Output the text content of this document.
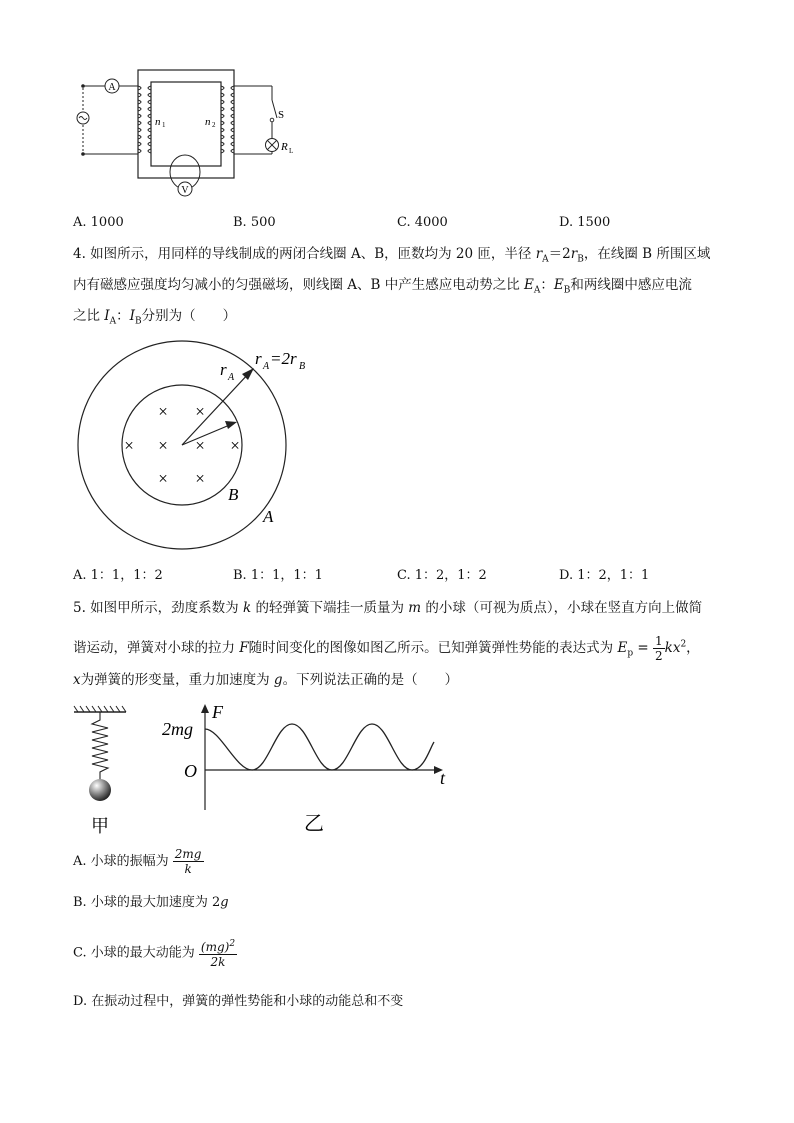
A
n 1	n 2
S
R L
V
A. 1000	B. 500	C. 4000	D. 1500
4. 如图所示，用同样的导线制成的两闭合线圈 A、B，匝数均为 20 匝，半径 $r_A=2r_B$，在线圈 B 所围区域
内有磁感应强度均匀减小的匀强磁场，则线圈 A、B 中产生感应电动势之比 $E_A$：$E_B$和两线圈中感应电流
之比 $I_A$：$I_B$分别为（　　）
× ×
× × × ×
× ×
r A
r A =2r B
B
A
A. 1：1，1：2	B. 1：1，1：1	C. 1：2，1：2	D. 1：2，1：1
5. 如图甲所示，劲度系数为 k 的轻弹簧下端挂一质量为 m 的小球（可视为质点），小球在竖直方向上做简
谐运动，弹簧对小球的拉力 F随时间变化的图像如图乙所示。已知弹簧弹性势能的表达式为 $E_p = \frac{1}{2} kx^2$，
x为弹簧的形变量，重力加速度为 g。下列说法正确的是（　　）
甲
F
t
O
2mg
乙
A. 小球的振幅为 $\frac{2mg}{k}$
B. 小球的最大加速度为 2g
C. 小球的最大动能为 $\frac{(mg)^2}{2k}$
D. 在振动过程中，弹簧的弹性势能和小球的动能总和不变
